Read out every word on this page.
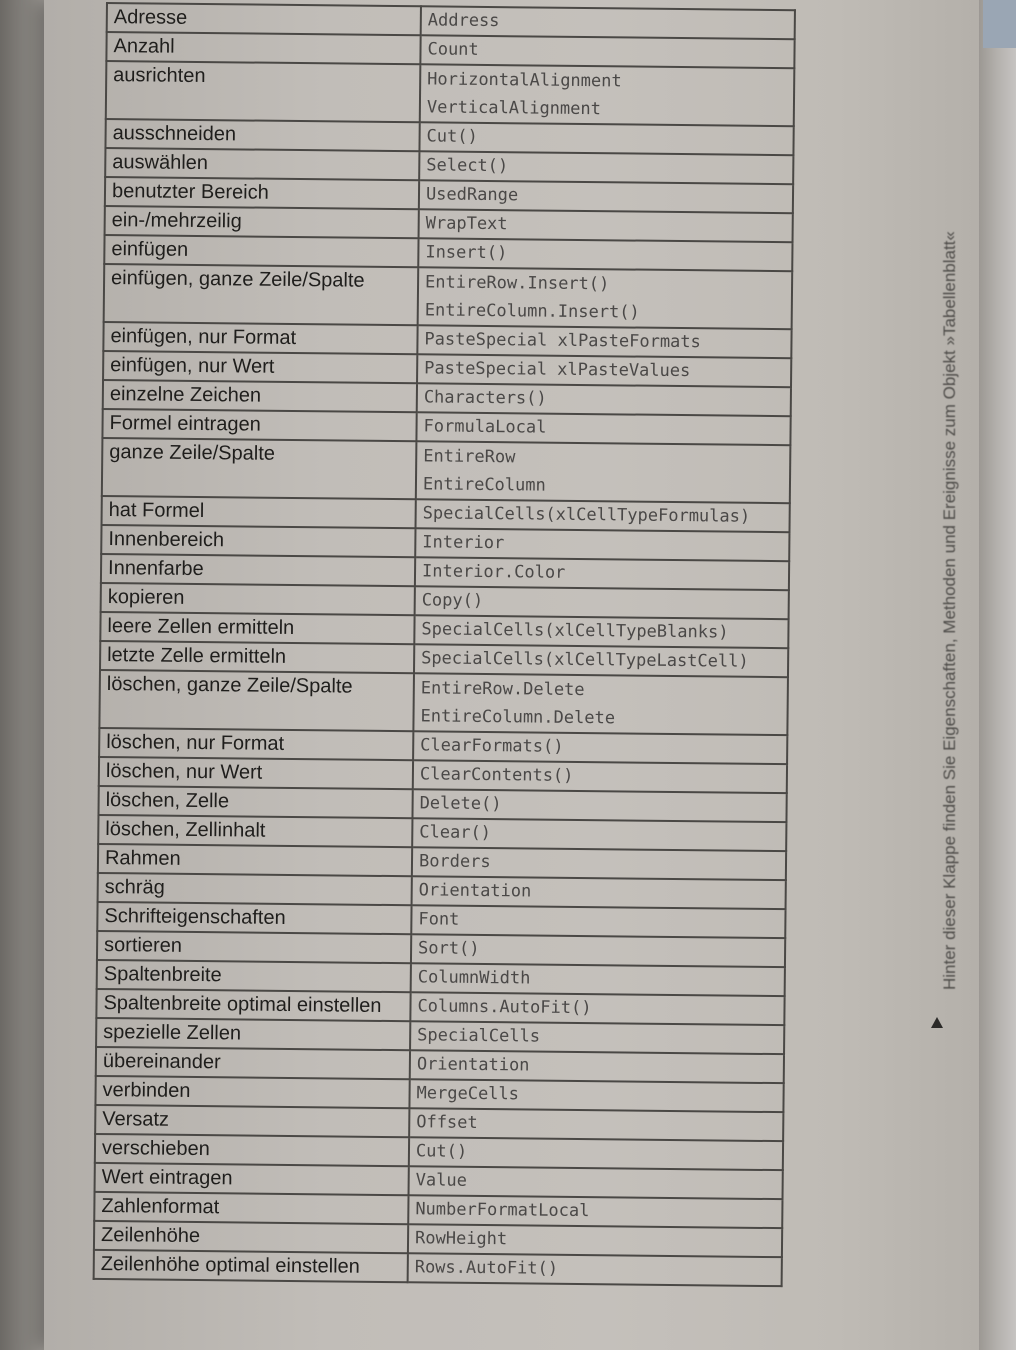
Adresse	Address
Anzahl	Count
ausrichten	HorizontalAlignment
VerticalAlignment
ausschneiden	Cut()
auswählen	Select()
benutzter Bereich	UsedRange
ein-/mehrzeilig	WrapText
einfügen	Insert()
einfügen, ganze Zeile/Spalte	EntireRow.Insert()
EntireColumn.Insert()
einfügen, nur Format	PasteSpecial xlPasteFormats
einfügen, nur Wert	PasteSpecial xlPasteValues
einzelne Zeichen	Characters()
Formel eintragen	FormulaLocal
ganze Zeile/Spalte	EntireRow
EntireColumn
hat Formel	SpecialCells(xlCellTypeFormulas)
Innenbereich	Interior
Innenfarbe	Interior.Color
kopieren	Copy()
leere Zellen ermitteln	SpecialCells(xlCellTypeBlanks)
letzte Zelle ermitteln	SpecialCells(xlCellTypeLastCell)
löschen, ganze Zeile/Spalte	EntireRow.Delete
EntireColumn.Delete
löschen, nur Format	ClearFormats()
löschen, nur Wert	ClearContents()
löschen, Zelle	Delete()
löschen, Zellinhalt	Clear()
Rahmen	Borders
schräg	Orientation
Schrifteigenschaften	Font
sortieren	Sort()
Spaltenbreite	ColumnWidth
Spaltenbreite optimal einstellen	Columns.AutoFit()
spezielle Zellen	SpecialCells
übereinander	Orientation
verbinden	MergeCells
Versatz	Offset
verschieben	Cut()
Wert eintragen	Value
Zahlenformat	NumberFormatLocal
Zeilenhöhe	RowHeight
Zeilenhöhe optimal einstellen	Rows.AutoFit()
Hinter dieser Klappe finden Sie Eigenschaften, Methoden und Ereignisse zum Objekt »Tabellenblatt«
